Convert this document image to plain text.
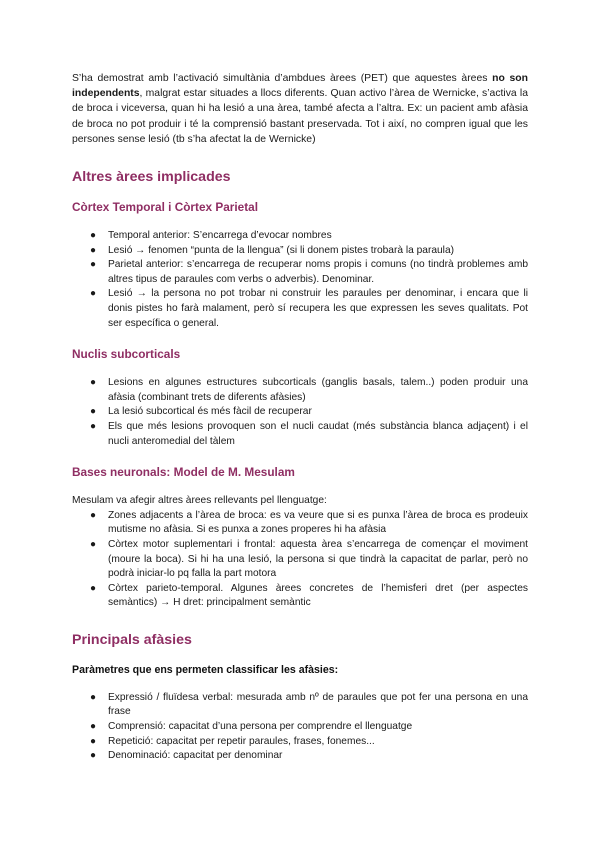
S’ha demostrat amb l’activació simultània d’ambdues àrees (PET) que aquestes àrees no son independents, malgrat estar situades a llocs diferents. Quan activo l’àrea de Wernicke, s’activa la de broca i viceversa, quan hi ha lesió a una àrea, també afecta a l’altra. Ex: un pacient amb afàsia de broca no pot produir i té la comprensió bastant preservada. Tot i així, no compren igual que les persones sense lesió (tb s’ha afectat la de Wernicke)

Altres àrees implicades
Còrtex Temporal i Còrtex Parietal
● Temporal anterior: S’encarrega d’evocar nombres
● Lesió → fenomen “punta de la llengua” (si li donem pistes trobarà la paraula)
● Parietal anterior: s’encarrega de recuperar noms propis i comuns (no tindrà problemes amb altres tipus de paraules com verbs o adverbis). Denominar.
● Lesió → la persona no pot trobar ni construir les paraules per denominar, i encara que li donis pistes ho farà malament, però sí recupera les que expressen les seves qualitats. Pot ser específica o general.
Nuclis subcorticals
● Lesions en algunes estructures subcorticals (ganglis basals, talem..) poden produir una afàsia (combinant trets de diferents afàsies)
● La lesió subcortical és més fàcil de recuperar
● Els que més lesions provoquen son el nucli caudat (més substància blanca adjaçent) i el nucli anteromedial del tàlem
Bases neuronals: Model de M. Mesulam

Mesulam va afegir altres àrees rellevants pel llenguatge:

● Zones adjacents a l’àrea de broca: es va veure que si es punxa l’àrea de broca es prodeuix mutisme no afàsia. Si es punxa a zones properes hi ha afàsia
● Còrtex motor suplementari i frontal: aquesta àrea s’encarrega de començar el moviment (moure la boca). Si hi ha una lesió, la persona si que tindrà la capacitat de parlar, però no podrà iniciar-lo pq falla la part motora
● Còrtex parieto-temporal. Algunes àrees concretes de l’hemisferi dret (per aspectes semàntics) → H dret: principalment semàntic
Principals afàsies
Paràmetres que ens permeten classificar les afàsies:
● Expressió / fluïdesa verbal: mesurada amb nº de paraules que pot fer una persona en una frase
● Comprensió: capacitat d’una persona per comprendre el llenguatge
● Repetició: capacitat per repetir paraules, frases, fonemes...
● Denominació: capacitat per denominar
